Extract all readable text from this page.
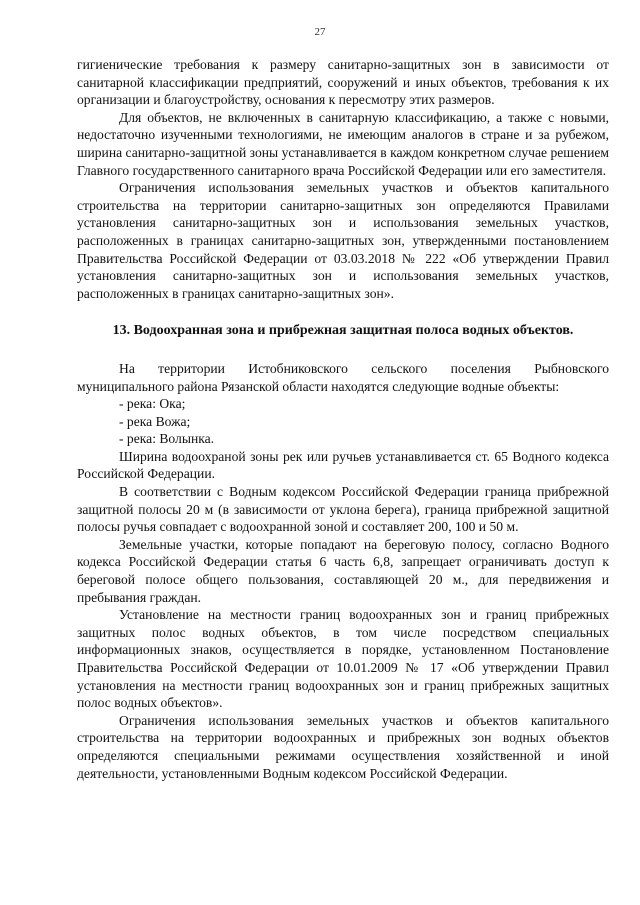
27

гигиенические требования к размеру санитарно-защитных зон в зависимости от санитарной классификации предприятий, сооружений и иных объектов, требования к их организации и благоустройству, основания к пересмотру этих размеров.

Для объектов, не включенных в санитарную классификацию, а также с новыми, недостаточно изученными технологиями, не имеющим аналогов в стране и за рубежом, ширина санитарно-защитной зоны устанавливается в каждом конкретном случае решением Главного государственного санитарного врача Российской Федерации или его заместителя.

Ограничения использования земельных участков и объектов капитального строительства на территории санитарно-защитных зон определяются Правилами установления санитарно-защитных зон и использования земельных участков, расположенных в границах санитарно-защитных зон, утвержденными постановлением Правительства Российской Федерации от 03.03.2018 № 222 «Об утверждении Правил установления санитарно-защитных зон и использования земельных участков, расположенных в границах санитарно-защитных зон».

13. Водоохранная зона и прибрежная защитная полоса водных объектов.

На территории Истобниковского сельского поселения Рыбновского муниципального района Рязанской области находятся следующие водные объекты:

- река: Ока;
- река Вожа;
- река: Волынка.

Ширина водоохраной зоны рек или ручьев устанавливается ст. 65 Водного кодекса Российской Федерации.

В соответствии с Водным кодексом Российской Федерации граница прибрежной защитной полосы 20 м (в зависимости от уклона берега), граница прибрежной защитной полосы ручья совпадает с водоохранной зоной и составляет 200, 100 и 50 м.

Земельные участки, которые попадают на береговую полосу, согласно Водного кодекса Российской Федерации статья 6 часть 6,8, запрещает ограничивать доступ к береговой полосе общего пользования, составляющей 20 м., для передвижения и пребывания граждан.

Установление на местности границ водоохранных зон и границ прибрежных защитных полос водных объектов, в том числе посредством специальных информационных знаков, осуществляется в порядке, установленном Постановление Правительства Российской Федерации от 10.01.2009 № 17 «Об утверждении Правил установления на местности границ водоохранных зон и границ прибрежных защитных полос водных объектов».

Ограничения использования земельных участков и объектов капитального строительства на территории водоохранных и прибрежных зон водных объектов определяются специальными режимами осуществления хозяйственной и иной деятельности, установленными Водным кодексом Российской Федерации.
